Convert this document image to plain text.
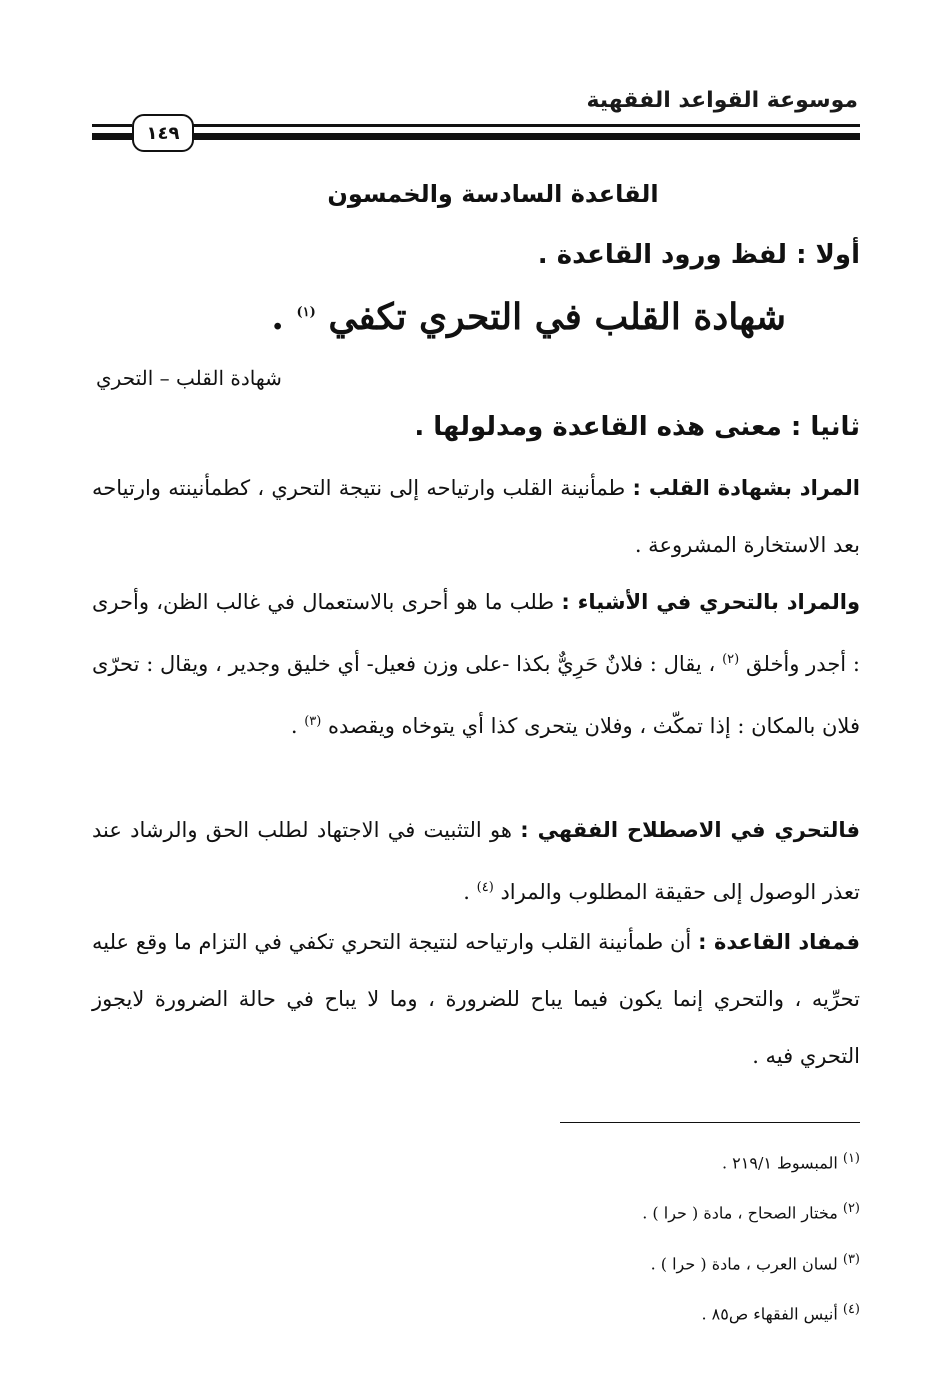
موسوعة القواعد الفقهية
١٤٩
القاعدة السادسة والخمسون
أولا : لفظ ورود القاعدة .
شهادة القلب في التحري تكفي $^{(١)}$ .
شهادة القلب – التحري
ثانيا : معنى هذه القاعدة ومدلولها .
المراد بشهادة القلب : طمأنينة القلب وارتياحه إلى نتيجة التحري ، كطمأنينته وارتياحه بعد الاستخارة المشروعة .
والمراد بالتحري في الأشياء : طلب ما هو أحرى بالاستعمال في غالب الظن، وأحرى : أجدر وأخلق $^{(٢)}$ ، يقال : فلانٌ حَرِيٌّ بكذا -على وزن فعيل- أي خليق وجدير ، ويقال : تحرّى فلان بالمكان : إذا تمكّث ، وفلان يتحرى كذا أي يتوخاه ويقصده $^{(٣)}$ .
فالتحري في الاصطلاح الفقهي : هو التثبيت في الاجتهاد لطلب الحق والرشاد عند تعذر الوصول إلى حقيقة المطلوب والمراد $^{(٤)}$ .
فمفاد القاعدة : أن طمأنينة القلب وارتياحه لنتيجة التحري تكفي في التزام ما وقع عليه تحرِّيه ، والتحري إنما يكون فيما يباح للضرورة ، وما لا يباح في حالة الضرورة لايجوز التحري فيه .
$^{(١)}$ المبسوط ٢١٩/١ .
$^{(٢)}$ مختار الصحاح ، مادة ( حرا ) .
$^{(٣)}$ لسان العرب ، مادة ( حرا ) .
$^{(٤)}$ أنيس الفقهاء ص٨٥ .
